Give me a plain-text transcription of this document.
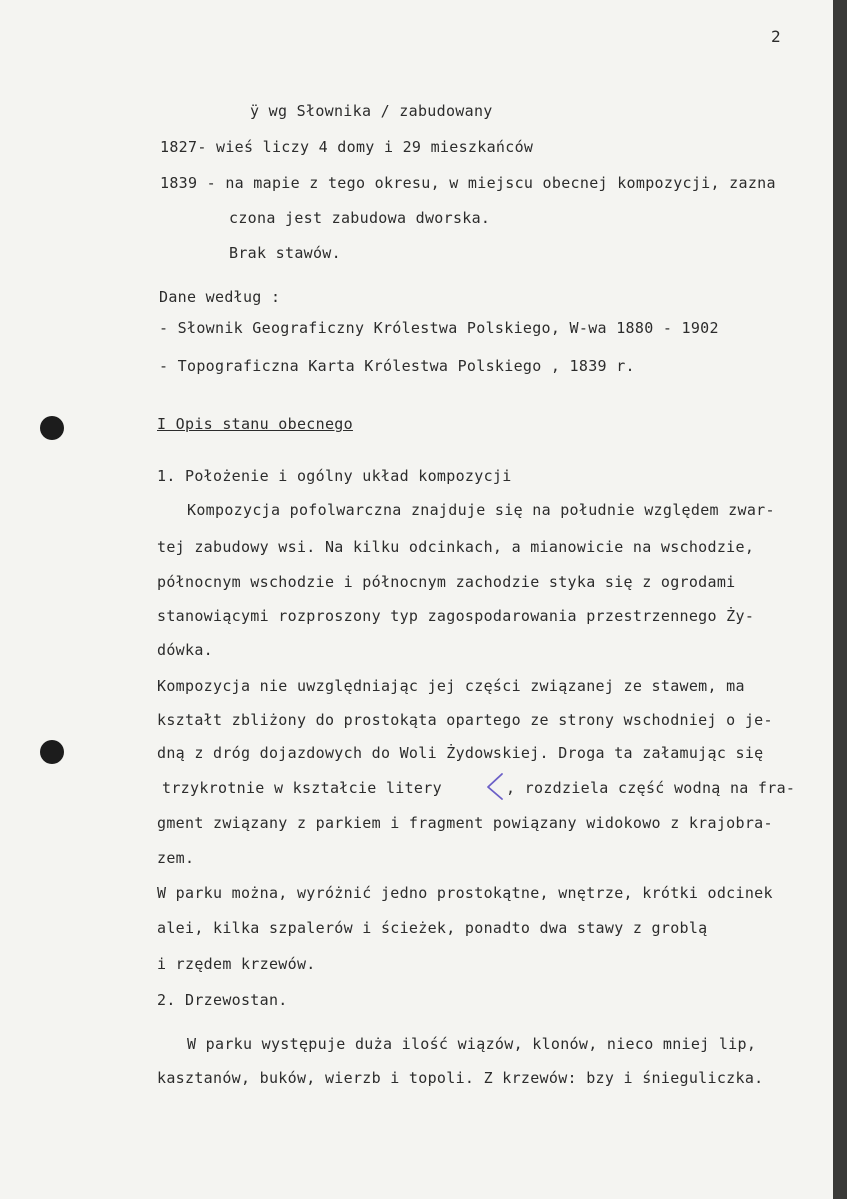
2
ÿ wg Słownika / zabudowany
1827- wieś liczy 4 domy i 29 mieszkańców
1839 - na mapie z tego okresu, w miejscu obecnej kompozycji, zazna
czona jest zabudowa dworska.
Brak stawów.
Dane według :
- Słownik Geograficzny Królestwa Polskiego, W-wa 1880 - 1902
- Topograficzna Karta Królestwa Polskiego , 1839 r.
I Opis stanu obecnego
1. Położenie i ogólny układ kompozycji
Kompozycja pofolwarczna znajduje się na południe względem zwar-
tej zabudowy wsi. Na kilku odcinkach, a mianowicie na wschodzie,
północnym wschodzie i północnym zachodzie styka się z ogrodami
stanowiącymi rozproszony typ zagospodarowania przestrzennego Ży-
dówka.
Kompozycja nie uwzględniając jej części związanej ze stawem, ma
kształt zbliżony do prostokąta opartego ze strony wschodniej o je-
dną z dróg dojazdowych do Woli Żydowskiej. Droga ta załamując się
trzykrotnie w kształcie litery	, rozdziela część wodną na fra-
gment związany z parkiem i fragment powiązany widokowo z krajobra-
zem.
W parku można, wyróżnić jedno prostokątne, wnętrze, krótki odcinek
alei, kilka szpalerów i ścieżek, ponadto dwa stawy z groblą
i rzędem krzewów.
2. Drzewostan.
W parku występuje duża ilość wiązów, klonów, nieco mniej lip,
kasztanów, buków, wierzb i topoli. Z krzewów: bzy i śnieguliczka.
